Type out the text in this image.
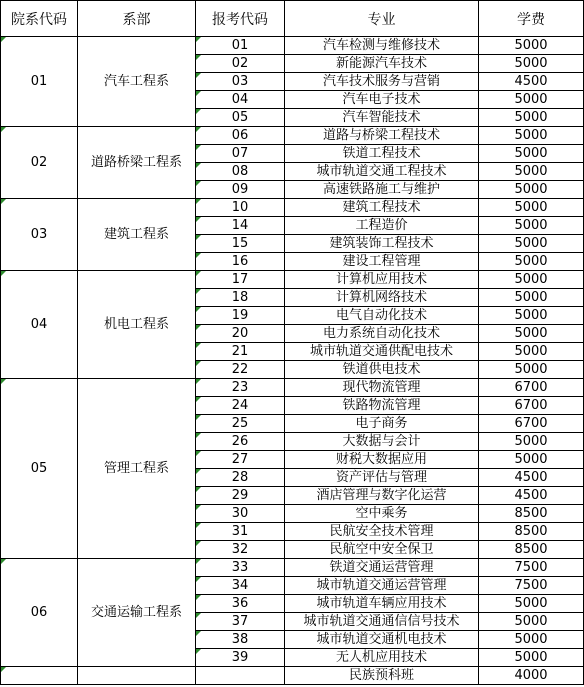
院系代码	系部	报考代码	专业	学费
01	汽车工程系	01	汽车检测与维修技术	5000
		02	新能源汽车技术	5000
		03	汽车技术服务与营销	4500
		04	汽车电子技术	5000
		05	汽车智能技术	5000
02	道路桥梁工程系	06	道路与桥梁工程技术	5000
		07	铁道工程技术	5000
		08	城市轨道交通工程技术	5000
		09	高速铁路施工与维护	5000
03	建筑工程系	10	建筑工程技术	5000
		14	工程造价	5000
		15	建筑装饰工程技术	5000
		16	建设工程管理	5000
04	机电工程系	17	计算机应用技术	5000
		18	计算机网络技术	5000
		19	电气自动化技术	5000
		20	电力系统自动化技术	5000
		21	城市轨道交通供配电技术	5000
		22	铁道供电技术	5000
05	管理工程系	23	现代物流管理	6700
		24	铁路物流管理	6700
		25	电子商务	6700
		26	大数据与会计	5000
		27	财税大数据应用	5000
		28	资产评估与管理	4500
		29	酒店管理与数字化运营	4500
		30	空中乘务	8500
		31	民航安全技术管理	8500
		32	民航空中安全保卫	8500
06	交通运输工程系	33	铁道交通运营管理	7500
		34	城市轨道交通运营管理	7500
		36	城市轨道车辆应用技术	5000
		37	城市轨道交通通信信号技术	5000
		38	城市轨道交通机电技术	5000
		39	无人机应用技术	5000
			民族预科班	4000
